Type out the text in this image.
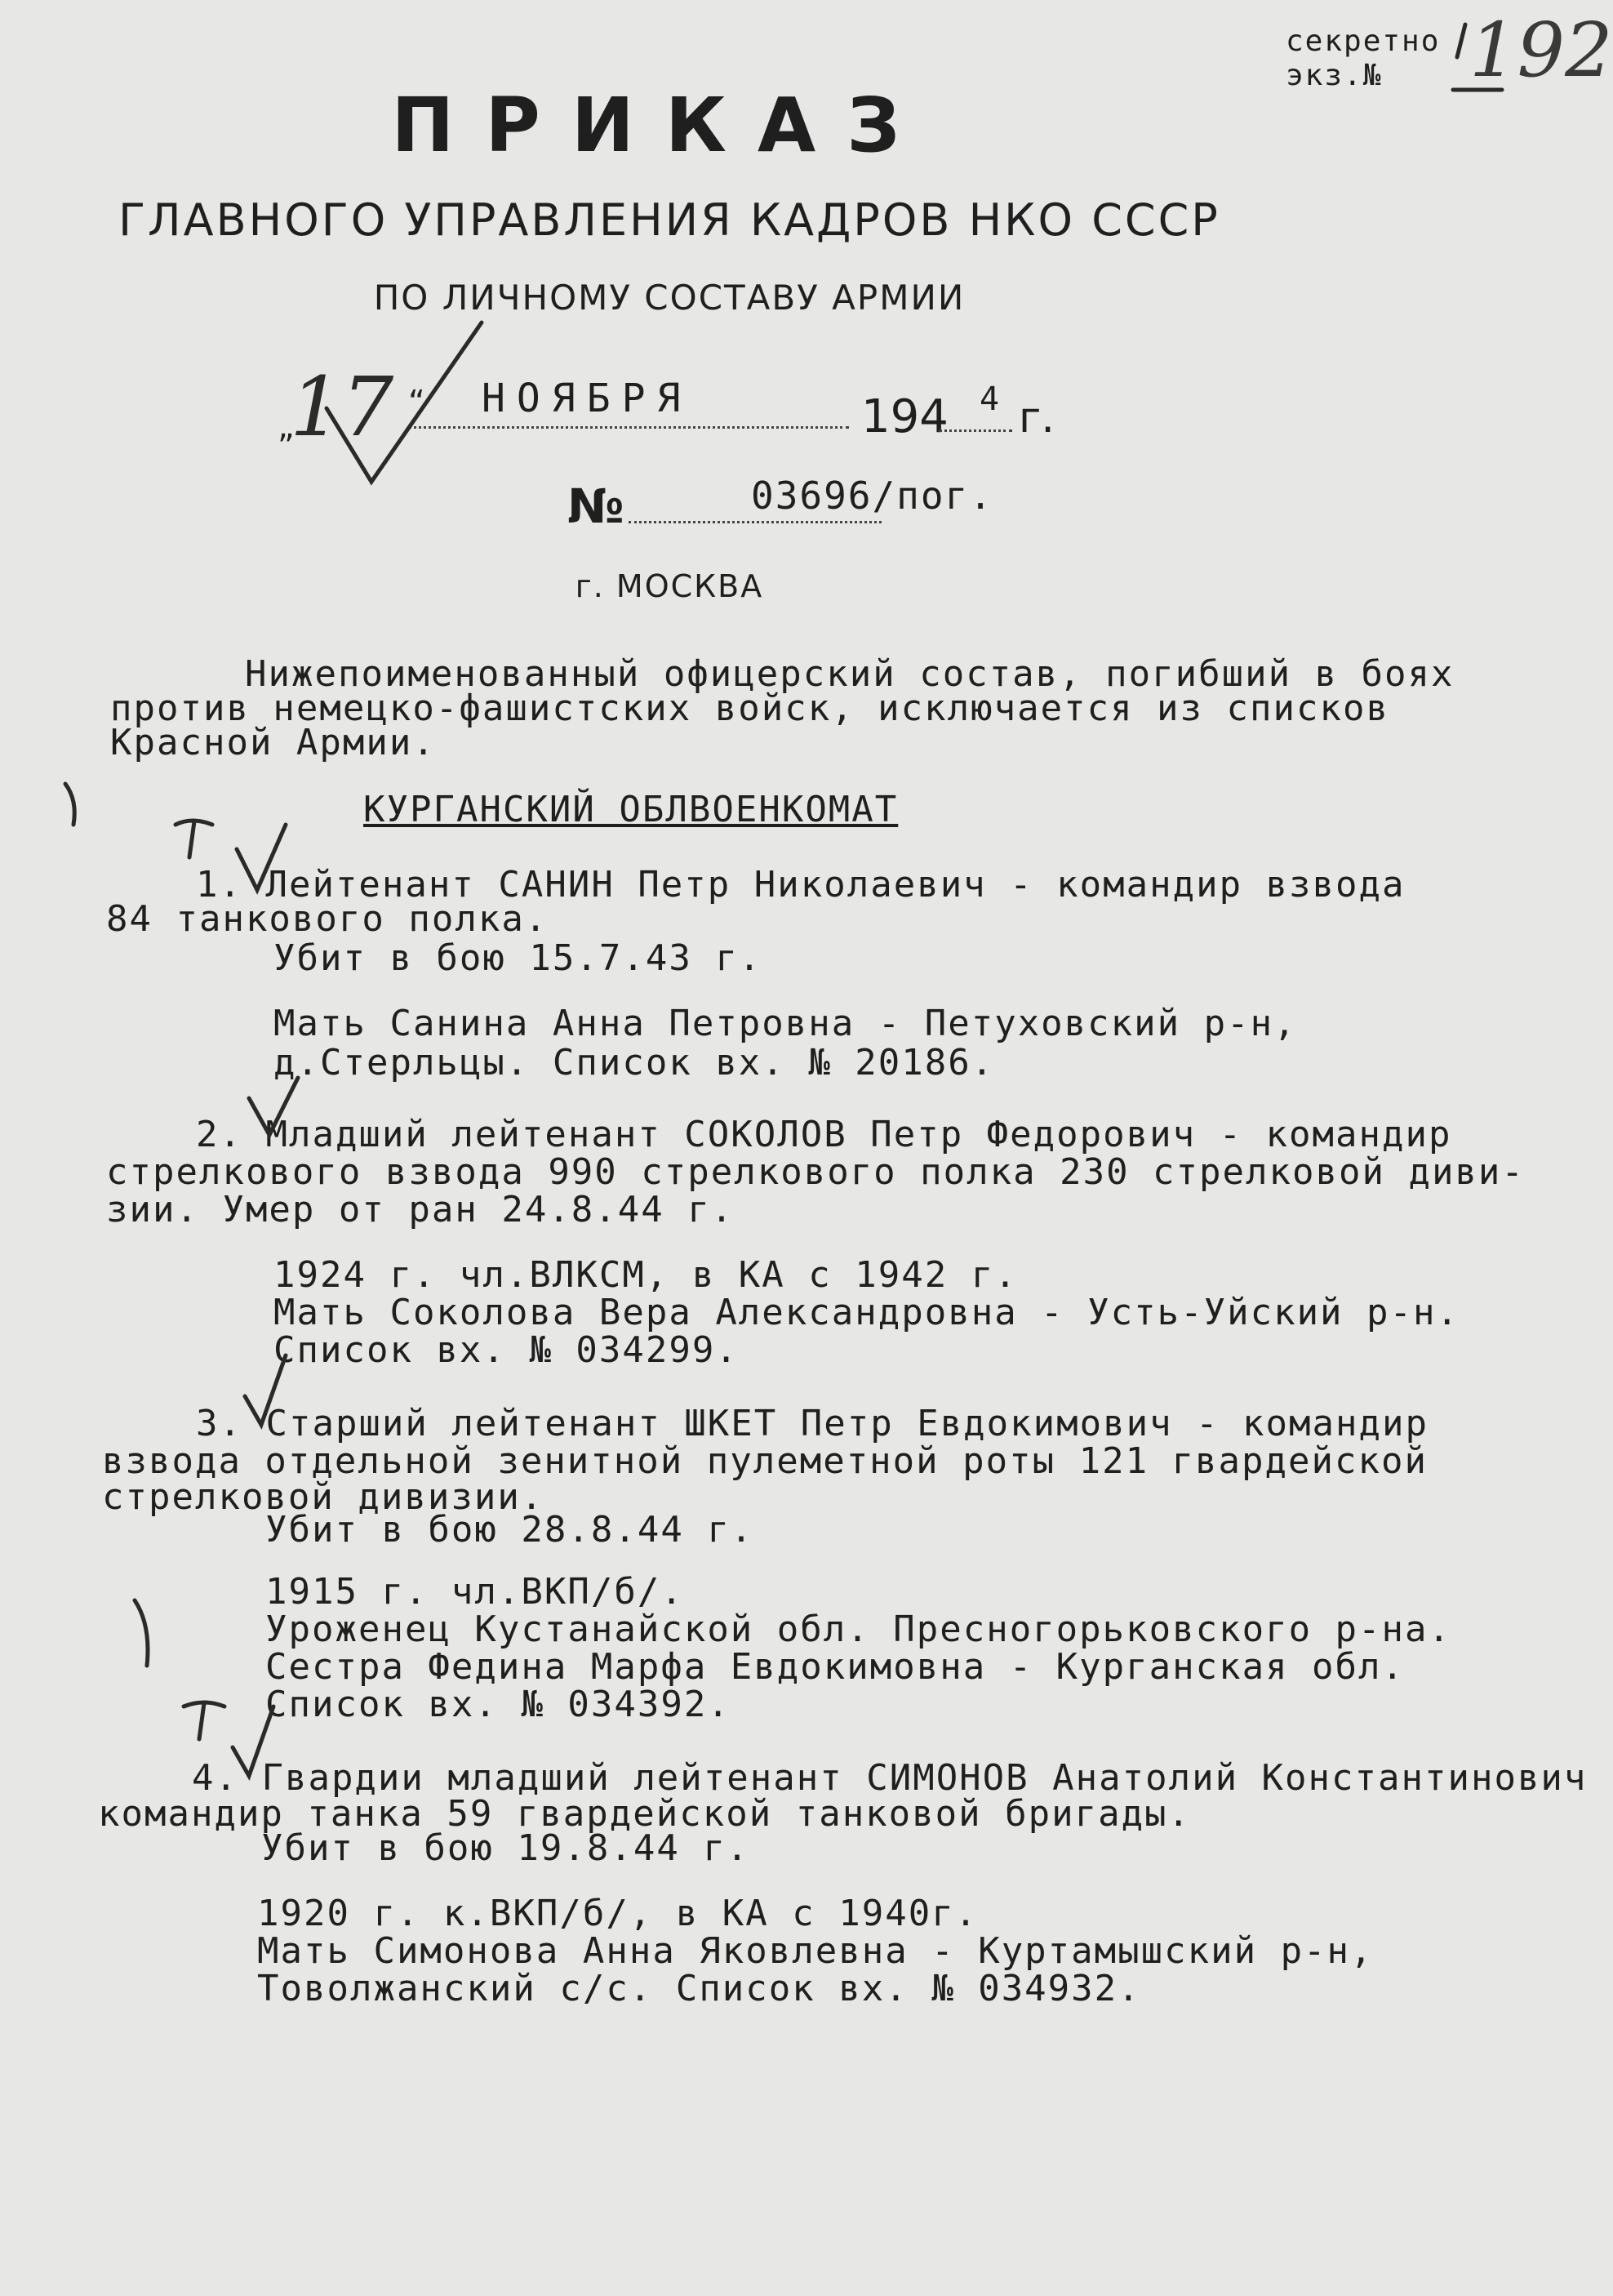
секретно
экз.№	192
ПРИКАЗ
ГЛАВНОГО УПРАВЛЕНИЯ КАДРОВ НКО СССР
ПО ЛИЧНОМУ СОСТАВУ АРМИИ
„
17 “ НОЯБРЯ	194 4 г.
№	03696/пог.
г. МОСКВА
Нижепоименованный офицерский состав, погибший в боях
против немецко-фашистских войск, исключается из списков
Красной Армии.
КУРГАНСКИЙ ОБЛВОЕНКОМАТ
1. Лейтенант САНИН Петр Николаевич - командир взвода
84 танкового полка.
Убит в бою 15.7.43 г.
Мать Санина Анна Петровна - Петуховский р-н,
д.Стерльцы. Список вх. № 20186.
2. Младший лейтенант СОКОЛОВ Петр Федорович - командир
стрелкового взвода 990 стрелкового полка 230 стрелковой диви-
зии. Умер от ран 24.8.44 г.
1924 г. чл.ВЛКСМ, в КА с 1942 г.
Мать Соколова Вера Александровна - Усть-Уйский р-н.
Список вх. № 034299.
3. Старший лейтенант ШКЕТ Петр Евдокимович - командир
взвода отдельной зенитной пулеметной роты 121 гвардейской
стрелковой дивизии.
Убит в бою 28.8.44 г.
1915 г. чл.ВКП/б/.
Уроженец Кустанайской обл. Пресногорьковского р-на.
Сестра Федина Марфа Евдокимовна - Курганская обл.
Список вх. № 034392.
4. Гвардии младший лейтенант СИМОНОВ Анатолий Константинович
командир танка 59 гвардейской танковой бригады.
Убит в бою 19.8.44 г.
1920 г. к.ВКП/б/, в КА с 1940г.
Мать Симонова Анна Яковлевна - Куртамышский р-н,
Товолжанский с/с. Список вх. № 034932.
